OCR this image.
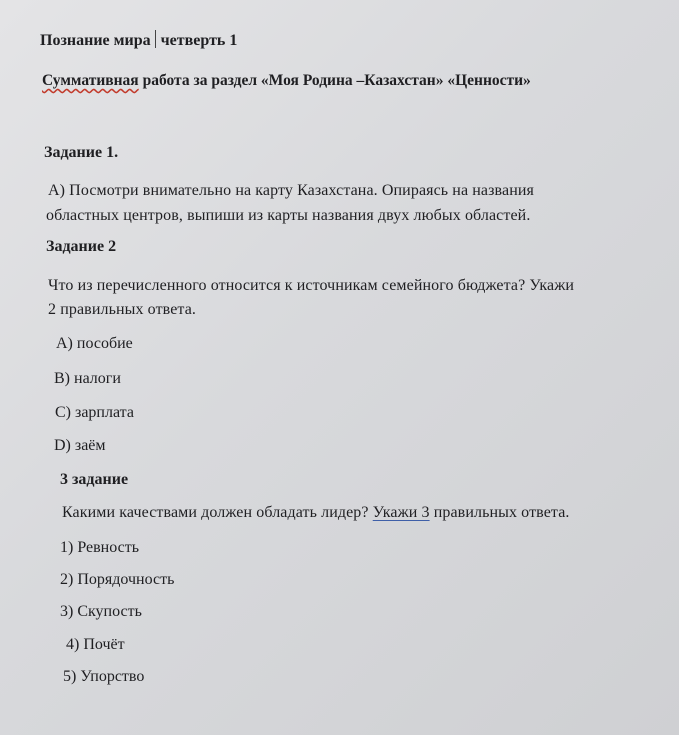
Познание мира четверть 1
Суммативная работа за раздел «Моя Родина –Казахстан» «Ценности»
Задание 1.
А) Посмотри внимательно на карту Казахстана. Опираясь на названия
областных центров, выпиши из карты названия двух любых областей.
Задание 2
Что из перечисленного относится к источникам семейного бюджета? Укажи
2 правильных ответа.
А) пособие
В) налоги
С) зарплата
D) заём
3 задание
Какими качествами должен обладать лидер? Укажи 3 правильных ответа.
1) Ревность
2) Порядочность
3) Скупость
4) Почёт
5) Упорство
